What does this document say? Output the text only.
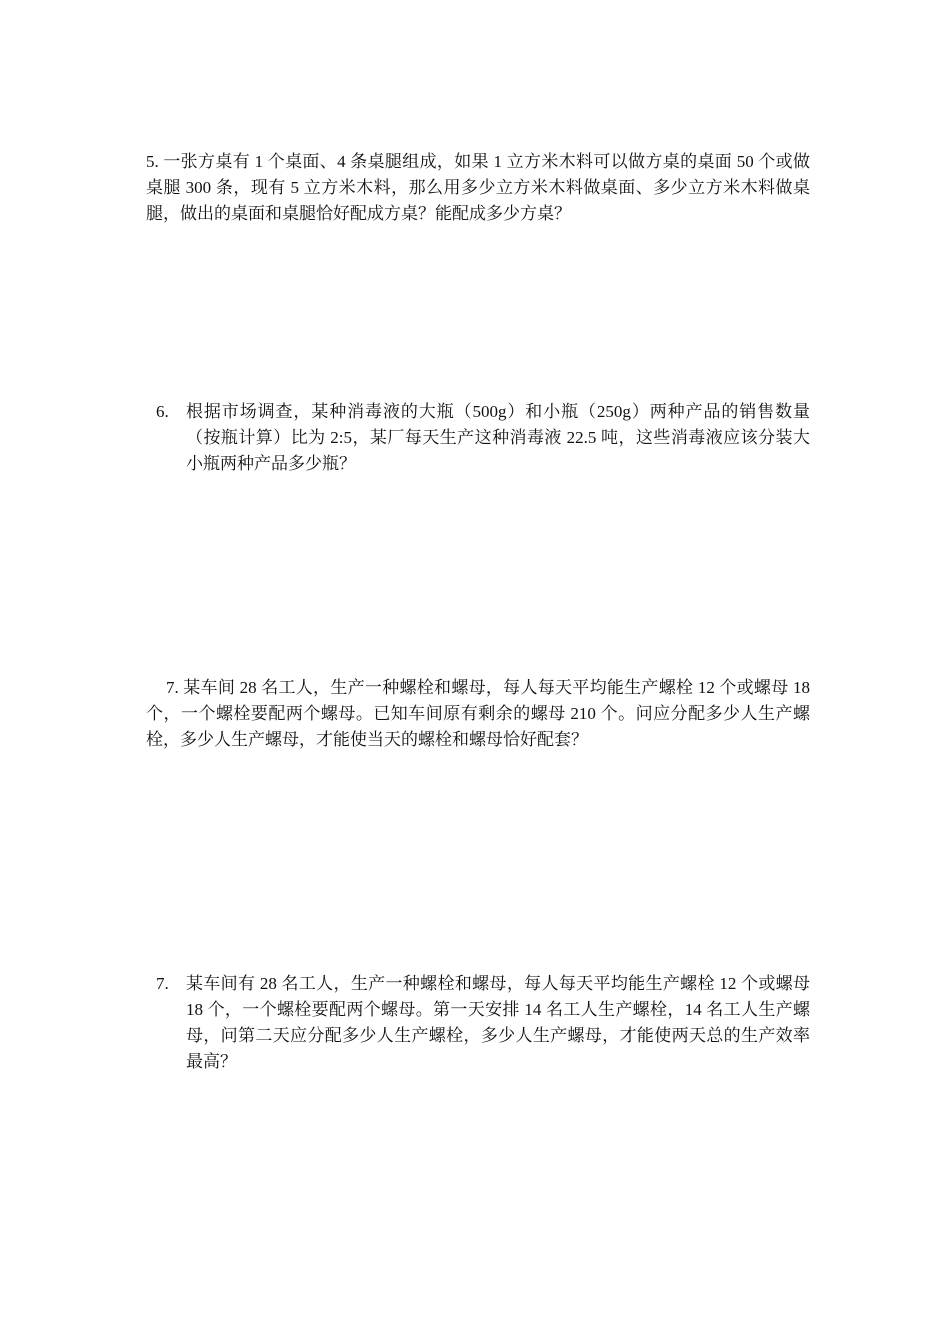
5. 一张方桌有 1 个桌面、4 条桌腿组成，如果 1 立方米木料可以做方桌的桌面 50 个或做桌腿 300 条，现有 5 立方米木料，那么用多少立方米木料做桌面、多少立方米木料做桌腿，做出的桌面和桌腿恰好配成方桌？能配成多少方桌？
6. 根据市场调查，某种消毒液的大瓶（500g）和小瓶（250g）两种产品的销售数量（按瓶计算）比为 2:5，某厂每天生产这种消毒液 22.5 吨，这些消毒液应该分装大小瓶两种产品多少瓶？
7. 某车间 28 名工人，生产一种螺栓和螺母，每人每天平均能生产螺栓 12 个或螺母 18 个，一个螺栓要配两个螺母。已知车间原有剩余的螺母 210 个。问应分配多少人生产螺栓，多少人生产螺母，才能使当天的螺栓和螺母恰好配套？
7. 某车间有 28 名工人，生产一种螺栓和螺母，每人每天平均能生产螺栓 12 个或螺母 18 个，一个螺栓要配两个螺母。第一天安排 14 名工人生产螺栓，14 名工人生产螺母，问第二天应分配多少人生产螺栓，多少人生产螺母，才能使两天总的生产效率最高？
